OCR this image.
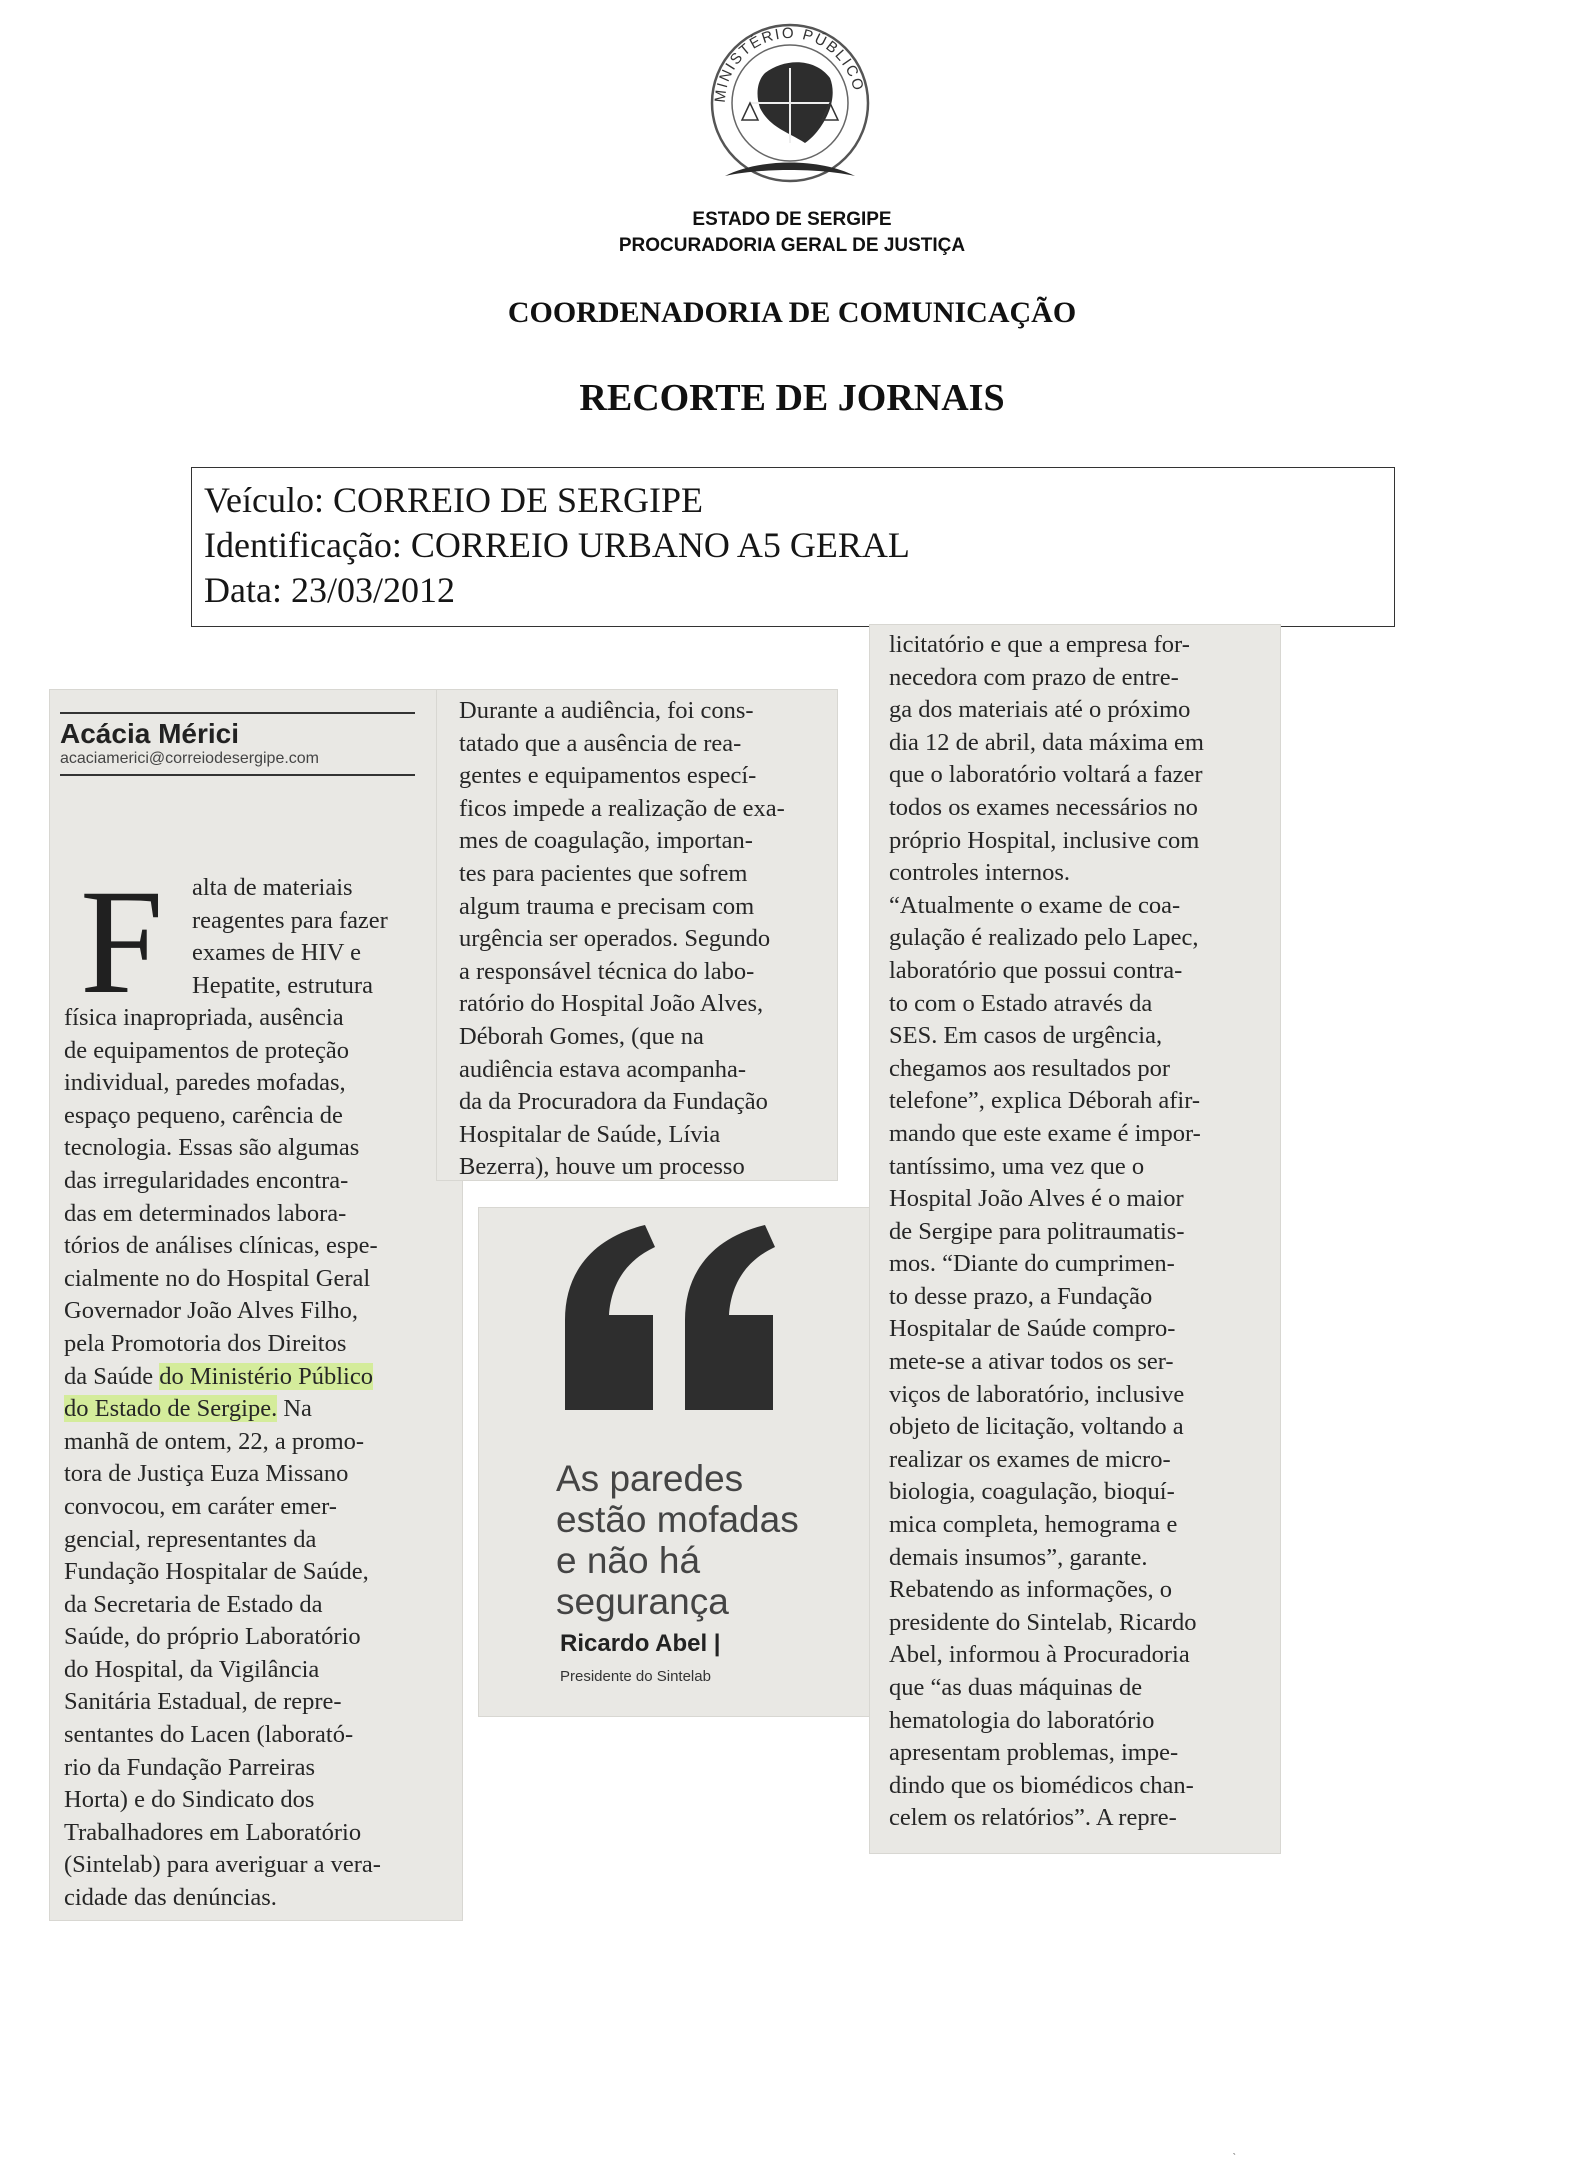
MINISTÉRIO PÚBLICO
ESTADO DE SERGIPE
PROCURADORIA GERAL DE JUSTIÇA
COORDENADORIA DE COMUNICAÇÃO
RECORTE DE JORNAIS
Veículo: CORREIO DE SERGIPE
Identificação: CORREIO URBANO A5 GERAL
Data: 23/03/2012
Acácia Mérici
acaciamerici@correiodesergipe.com
F alta de materiais

reagentes para fazer

exames de HIV e

Hepatite, estrutura

física inapropriada, ausência

de equipamentos de proteção

individual, paredes mofadas,

espaço pequeno, carência de

tecnologia. Essas são algumas

das irregularidades encontra-

das em determinados labora-

tórios de análises clínicas, espe-

cialmente no do Hospital Geral

Governador João Alves Filho,

pela Promotoria dos Direitos

da Saúde do Ministério Público

do Estado de Sergipe. Na

manhã de ontem, 22, a promo-

tora de Justiça Euza Missano

convocou, em caráter emer-

gencial, representantes da

Fundação Hospitalar de Saúde,

da Secretaria de Estado da

Saúde, do próprio Laboratório

do Hospital, da Vigilância

Sanitária Estadual, de repre-

sentantes do Lacen (laborató-

rio da Fundação Parreiras

Horta) e do Sindicato dos

Trabalhadores em Laboratório

(Sintelab) para averiguar a vera-

cidade das denúncias.

Durante a audiência, foi cons-

tatado que a ausência de rea-

gentes e equipamentos especí-

ficos impede a realização de exa-

mes de coagulação, importan-

tes para pacientes que sofrem

algum trauma e precisam com

urgência ser operados. Segundo

a responsável técnica do labo-

ratório do Hospital João Alves,

Déborah Gomes, (que na

audiência estava acompanha-

da da Procuradora da Fundação

Hospitalar de Saúde, Lívia

Bezerra), houve um processo

As paredes
estão mofadas
e não há
segurança
Ricardo Abel |
Presidente do Sintelab

licitatório e que a empresa for-

necedora com prazo de entre-

ga dos materiais até o próximo

dia 12 de abril, data máxima em

que o laboratório voltará a fazer

todos os exames necessários no

próprio Hospital, inclusive com

controles internos.

“Atualmente o exame de coa-

gulação é realizado pelo Lapec,

laboratório que possui contra-

to com o Estado através da

SES. Em casos de urgência,

chegamos aos resultados por

telefone”, explica Déborah afir-

mando que este exame é impor-

tantíssimo, uma vez que o

Hospital João Alves é o maior

de Sergipe para politraumatis-

mos. “Diante do cumprimen-

to desse prazo, a Fundação

Hospitalar de Saúde compro-

mete-se a ativar todos os ser-

viços de laboratório, inclusive

objeto de licitação, voltando a

realizar os exames de micro-

biologia, coagulação, bioquí-

mica completa, hemograma e

demais insumos”, garante.

Rebatendo as informações, o

presidente do Sintelab, Ricardo

Abel, informou à Procuradoria

que “as duas máquinas de

hematologia do laboratório

apresentam problemas, impe-

dindo que os biomédicos chan-

celem os relatórios”. A repre-

ˋ
